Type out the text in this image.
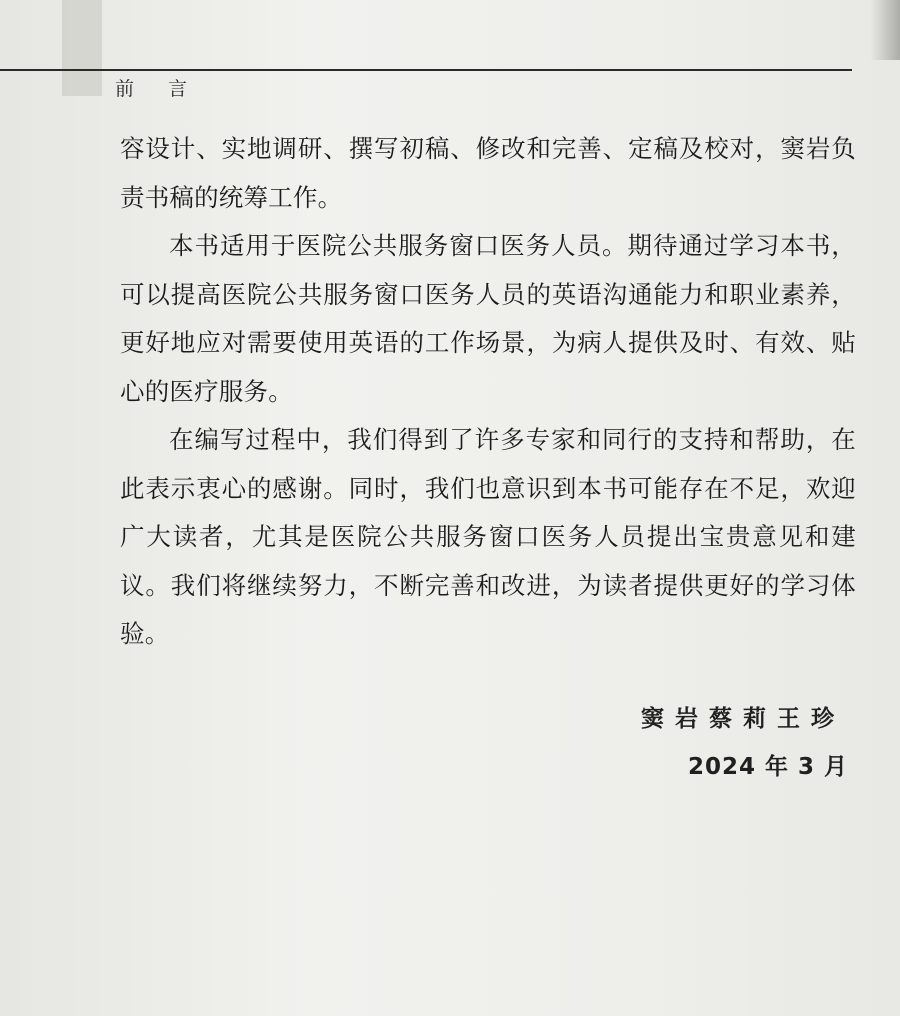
前 言

容设计、实地调研、撰写初稿、修改和完善、定稿及校对，窦岩负责书稿的统筹工作。

本书适用于医院公共服务窗口医务人员。期待通过学习本书，可以提高医院公共服务窗口医务人员的英语沟通能力和职业素养，更好地应对需要使用英语的工作场景，为病人提供及时、有效、贴心的医疗服务。

在编写过程中，我们得到了许多专家和同行的支持和帮助，在此表示衷心的感谢。同时，我们也意识到本书可能存在不足，欢迎广大读者，尤其是医院公共服务窗口医务人员提出宝贵意见和建议。我们将继续努力，不断完善和改进，为读者提供更好的学习体验。

窦岩蔡莉王珍
2024 年 3 月
